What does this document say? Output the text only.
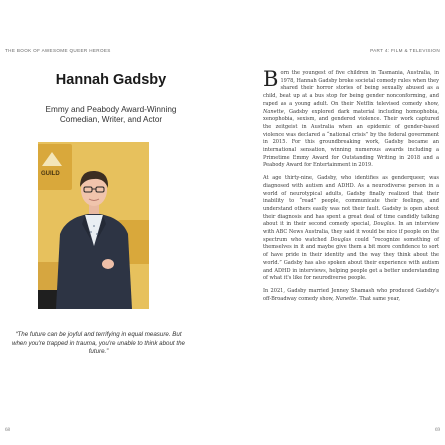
THE BOOK OF AWESOME QUEER HEROES	PART 4: FILM & TELEVISION
Hannah Gadsby
Emmy and Peabody Award-Winning Comedian, Writer, and Actor
GUILD
“The future can be joyful and terrifying in equal measure. But when you're trapped in trauma, you're unable to think about the future.”

Born the youngest of five children in Tasmania, Australia, in 1978, Hannah Gadsby broke societal comedy rules when they shared their horror stories of being sexually abused as a child, beat up at a bus stop for being gender nonconforming, and raped as a young adult. On their Netflix televised comedy show, Nanette, Gadsby explored dark material including homophobia, xenophobia, sexism, and gendered violence. Their work captured the zeitgeist in Australia when an epidemic of gender-based violence was declared a “national crisis” by the federal government in 2015. For this groundbreaking work, Gadsby became an international sensation, winning numerous awards including a Primetime Emmy Award for Outstanding Writing in 2018 and a Peabody Award for Entertainment in 2019.

At age thirty-nine, Gadsby, who identifies as genderqueer, was diagnosed with autism and ADHD. As a neurodiverse person in a world of neurotypical adults, Gadsby finally realized that their inability to “read” people, communicate their feelings, and understand others easily was not their fault. Gadsby is open about their diagnosis and has spent a great deal of time candidly talking about it in their second comedy special, Douglas. In an interview with ABC News Australia, they said it would be nice if people on the spectrum who watched Douglas could “recognize something of themselves in it and maybe give them a bit more confidence to sort of have pride in their identity and the way they think about the world.” Gadsby has also spoken about their experience with autism and ADHD in interviews, helping people get a better understanding of what it's like for neurodiverse people.

In 2021, Gadsby married Jenney Shamash who produced Gadsby's off-Broadway comedy show, Nanette. That same year,

68	69
